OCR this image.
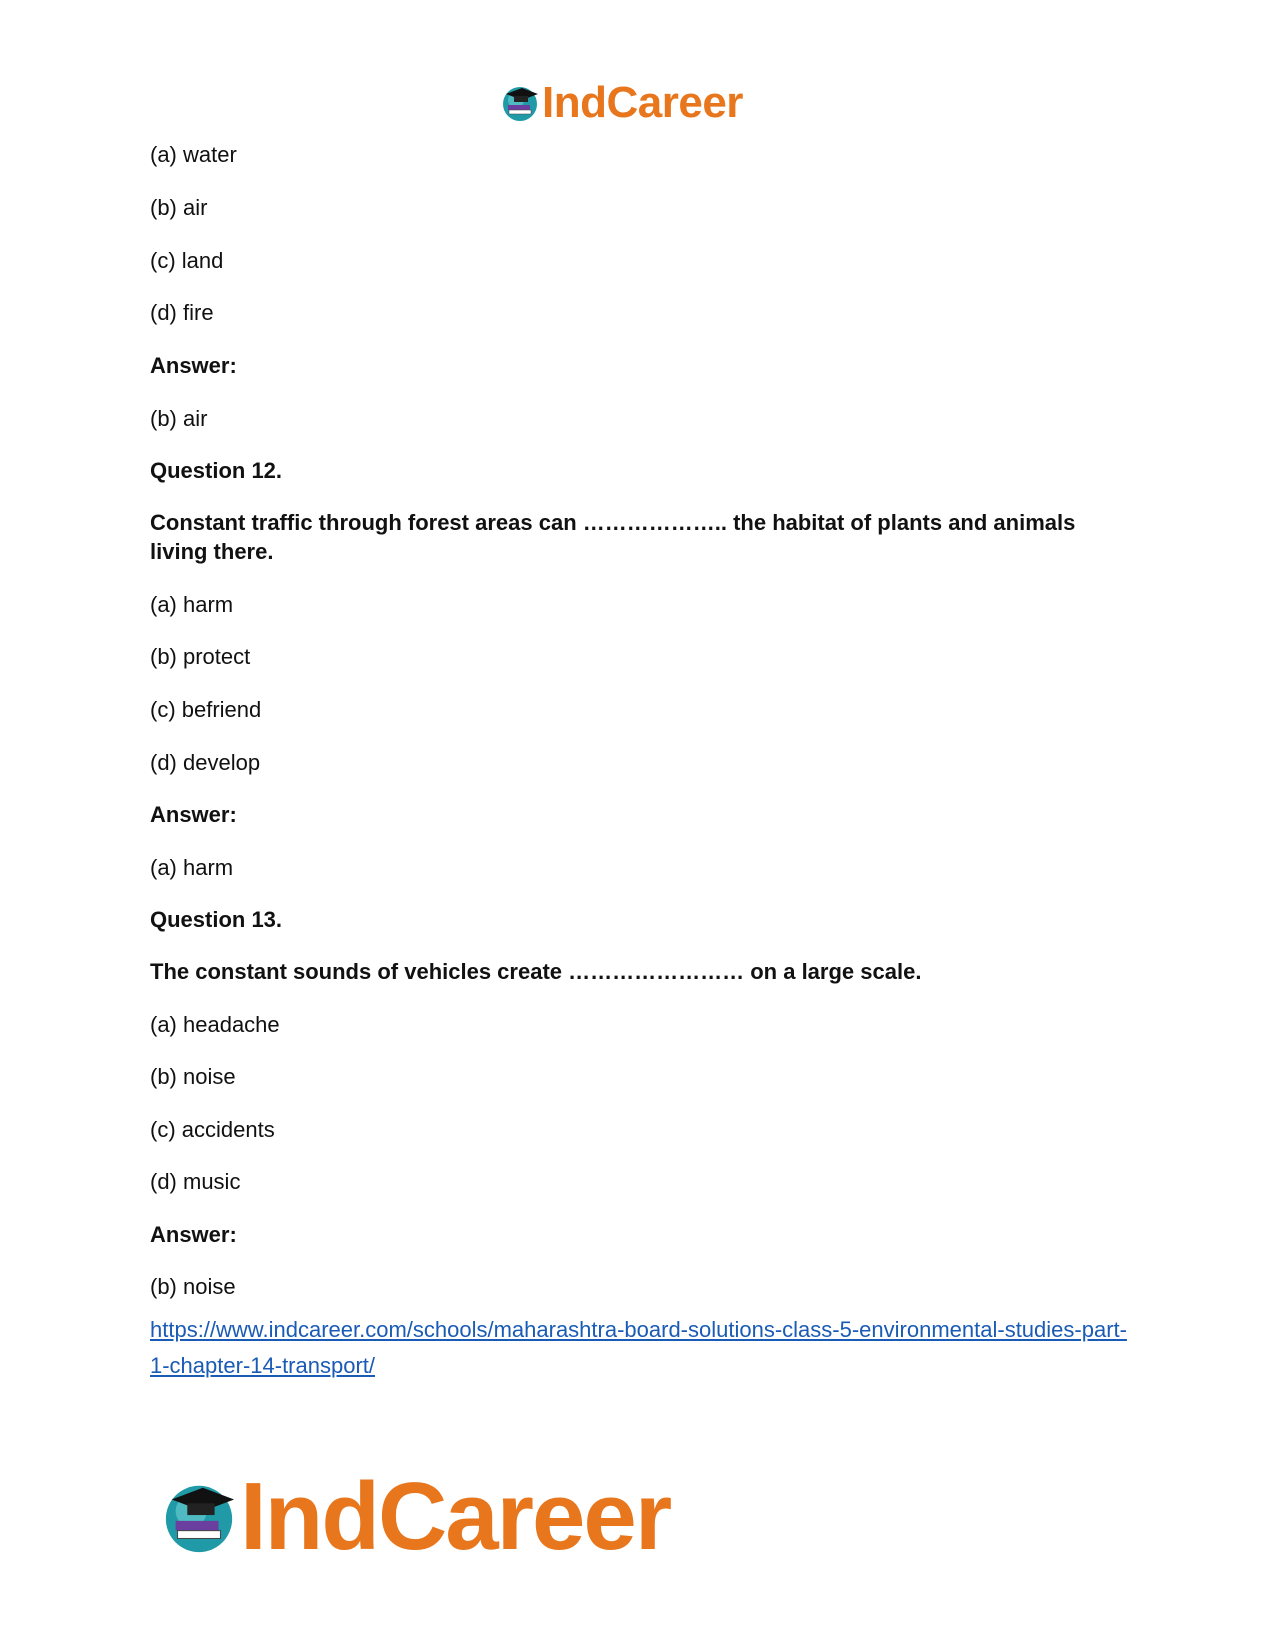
IndCareer
(a) water
(b) air
(c) land
(d) fire
Answer:
(b) air
Question 12.
Constant traffic through forest areas can ……………….. the habitat of plants and animals living there.
(a) harm
(b) protect
(c) befriend
(d) develop
Answer:
(a) harm
Question 13.
The constant sounds of vehicles create …………………… on a large scale.
(a) headache
(b) noise
(c) accidents
(d) music
Answer:
(b) noise
https://www.indcareer.com/schools/maharashtra-board-solutions-class-5-environmental-studies-part-1-chapter-14-transport/
IndCareer
